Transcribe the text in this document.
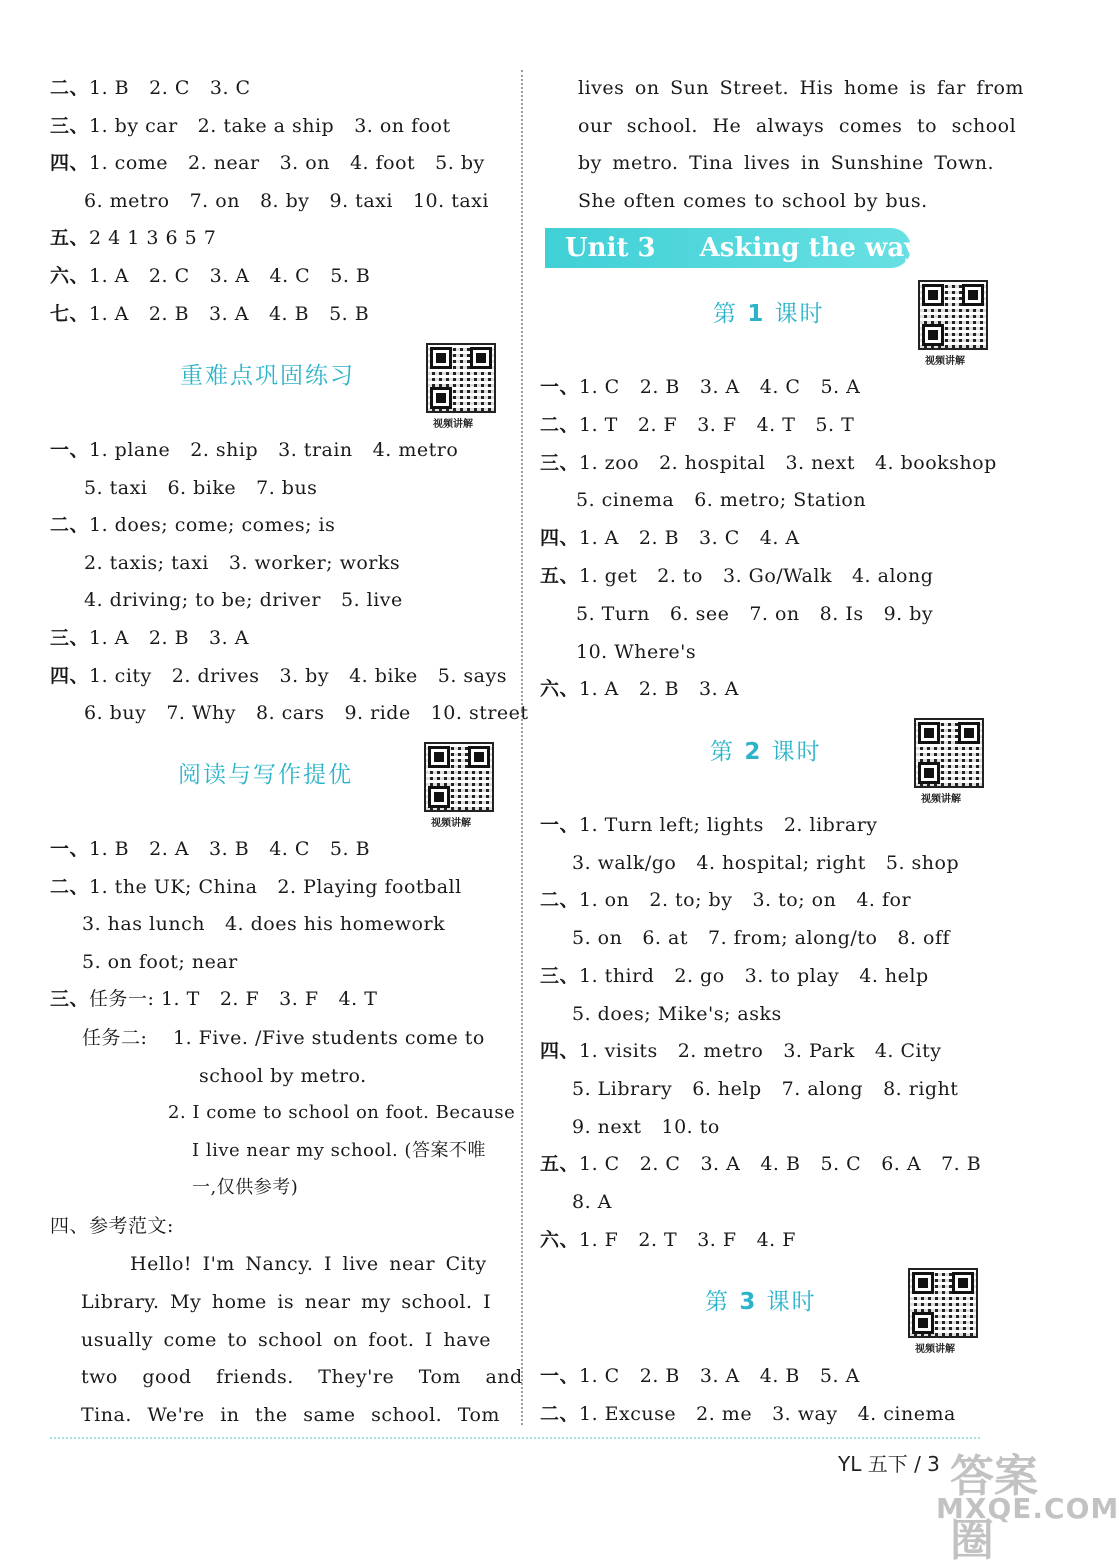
二、1. B 2. C 3. C
三、1. by car 2. take a ship 3. on foot
四、1. come 2. near 3. on 4. foot 5. by
6. metro 7. on 8. by 9. taxi 10. taxi
五、2 4 1 3 6 5 7
六、1. A 2. C 3. A 4. C 5. B
七、1. A 2. B 3. A 4. B 5. B
重难点巩固练习
一、1. plane 2. ship 3. train 4. metro
5. taxi 6. bike 7. bus
二、1. does; come; comes; is
2. taxis; taxi 3. worker; works
4. driving; to be; driver 5. live
三、1. A 2. B 3. A
四、1. city 2. drives 3. by 4. bike 5. says
6. buy 7. Why 8. cars 9. ride 10. street
阅读与写作提优
一、1. B 2. A 3. B 4. C 5. B
二、1. the UK; China 2. Playing football
3. has lunch 4. does his homework
5. on foot; near
三、任务一: 1. T 2. F 3. F 4. T
任务二: 1. Five. /Five students come to
school by metro.
2. I come to school on foot. Because
I live near my school. (答案不唯
一,仅供参考)
四、参考范文:
Hello! I'm Nancy. I live near City
Library. My home is near my school. I
usually come to school on foot. I have
two good friends. They're Tom and
Tina. We're in the same school. Tom
视频讲解
视频讲解
lives on Sun Street. His home is far from
our school. He always comes to school
by metro. Tina lives in Sunshine Town.
She often comes to school by bus.
第 1 课时
一、1. C 2. B 3. A 4. C 5. A
二、1. T 2. F 3. F 4. T 5. T
三、1. zoo 2. hospital 3. next 4. bookshop
5. cinema 6. metro; Station
四、1. A 2. B 3. C 4. A
五、1. get 2. to 3. Go/Walk 4. along
5. Turn 6. see 7. on 8. Is 9. by
10. Where's
六、1. A 2. B 3. A
第 2 课时
一、1. Turn left; lights 2. library
3. walk/go 4. hospital; right 5. shop
二、1. on 2. to; by 3. to; on 4. for
5. on 6. at 7. from; along/to 8. off
三、1. third 2. go 3. to play 4. help
5. does; Mike's; asks
四、1. visits 2. metro 3. Park 4. City
5. Library 6. help 7. along 8. right
9. next 10. to
五、1. C 2. C 3. A 4. B 5. C 6. A 7. B
8. A
六、1. F 2. T 3. F 4. F
第 3 课时
一、1. C 2. B 3. A 4. B 5. A
二、1. Excuse 2. me 3. way 4. cinema
Unit 3 Asking the way
视频讲解
视频讲解
视频讲解
YL 五下 / 3 答案圈
MXQE.COM
